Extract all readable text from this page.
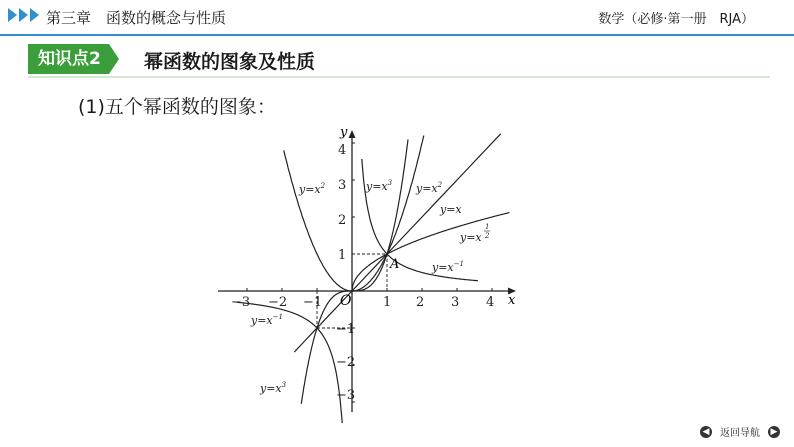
第三章　函数的概念与性质	数学（必修·第一册　RJA）
知识点2	幂函数的图象及性质
(1)五个幂函数的图象：
x
y
O
A
−3 −2 −1	1 2 3 4
4
3
2
1
−1
−2
−3
$y=x^2$	$y=x^3$ $y=x^2$
y=x
y=x
1
2
$y=x^{-1}$
$y=x^{-1}$
$y=x^3$
◀ 返回导航 ▶
